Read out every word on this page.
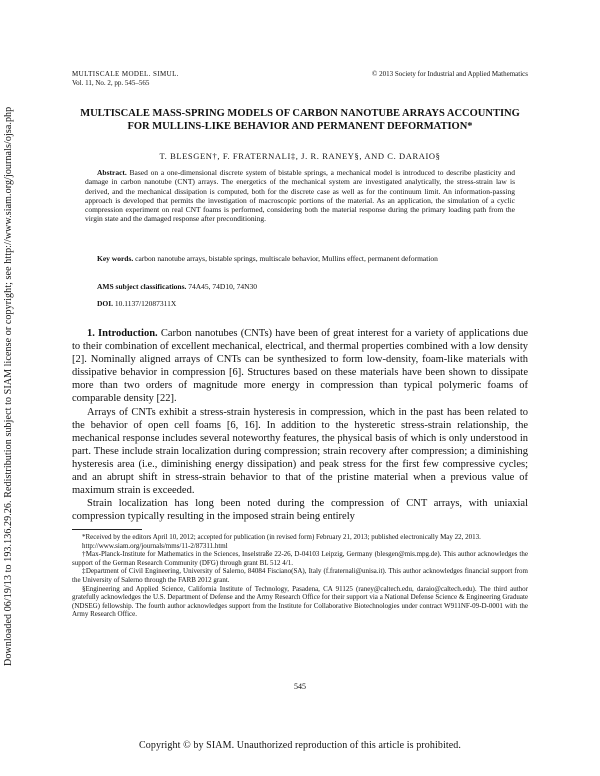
Downloaded 06/19/13 to 193.136.29.26. Redistribution subject to SIAM license or copyright; see http://www.siam.org/journals/ojsa.php
MULTISCALE MODEL. SIMUL.
Vol. 11, No. 2, pp. 545–565
© 2013 Society for Industrial and Applied Mathematics
MULTISCALE MASS-SPRING MODELS OF CARBON NANOTUBE ARRAYS ACCOUNTING FOR MULLINS-LIKE BEHAVIOR AND PERMANENT DEFORMATION*
T. BLESGEN†, F. FRATERNALI‡, J. R. RANEY§, AND C. DARAIO§
Abstract. Based on a one-dimensional discrete system of bistable springs, a mechanical model is introduced to describe plasticity and damage in carbon nanotube (CNT) arrays. The energetics of the mechanical system are investigated analytically, the stress-strain law is derived, and the mechanical dissipation is computed, both for the discrete case as well as for the continuum limit. An information-passing approach is developed that permits the investigation of macroscopic portions of the material. As an application, the simulation of a cyclic compression experiment on real CNT foams is performed, considering both the material response during the primary loading path from the virgin state and the damaged response after preconditioning.
Key words. carbon nanotube arrays, bistable springs, multiscale behavior, Mullins effect, permanent deformation
AMS subject classifications. 74A45, 74D10, 74N30
DOI. 10.1137/12087311X

1. Introduction. Carbon nanotubes (CNTs) have been of great interest for a variety of applications due to their combination of excellent mechanical, electrical, and thermal properties combined with a low density [2]. Nominally aligned arrays of CNTs can be synthesized to form low-density, foam-like materials with dissipative behavior in compression [6]. Structures based on these materials have been shown to dissipate more than two orders of magnitude more energy in compression than typical polymeric foams of comparable density [22].

Arrays of CNTs exhibit a stress-strain hysteresis in compression, which in the past has been related to the behavior of open cell foams [6, 16]. In addition to the hysteretic stress-strain relationship, the mechanical response includes several noteworthy features, the physical basis of which is only understood in part. These include strain localization during compression; strain recovery after compression; a diminishing hysteresis area (i.e., diminishing energy dissipation) and peak stress for the first few compressive cycles; and an abrupt shift in stress-strain behavior to that of the pristine material when a previous value of maximum strain is exceeded.

Strain localization has long been noted during the compression of CNT arrays, with uniaxial compression typically resulting in the imposed strain being entirely

*Received by the editors April 10, 2012; accepted for publication (in revised form) February 21, 2013; published electronically May 22, 2013.

http://www.siam.org/journals/mms/11-2/87311.html

†Max-Planck-Institute for Mathematics in the Sciences, Inselstraße 22-26, D-04103 Leipzig, Germany (blesgen@mis.mpg.de). This author acknowledges the support of the German Research Community (DFG) through grant BL 512 4/1.

‡Department of Civil Engineering, University of Salerno, 84084 Fisciano(SA), Italy (f.fraternali@unisa.it). This author acknowledges financial support from the University of Salerno through the FARB 2012 grant.

§Engineering and Applied Science, California Institute of Technology, Pasadena, CA 91125 (raney@caltech.edu, daraio@caltech.edu). The third author gratefully acknowledges the U.S. Department of Defense and the Army Research Office for their support via a National Defense Science & Engineering Graduate (NDSEG) fellowship. The fourth author acknowledges support from the Institute for Collaborative Biotechnologies under contract W911NF-09-D-0001 with the Army Research Office.

545
Copyright © by SIAM. Unauthorized reproduction of this article is prohibited.
